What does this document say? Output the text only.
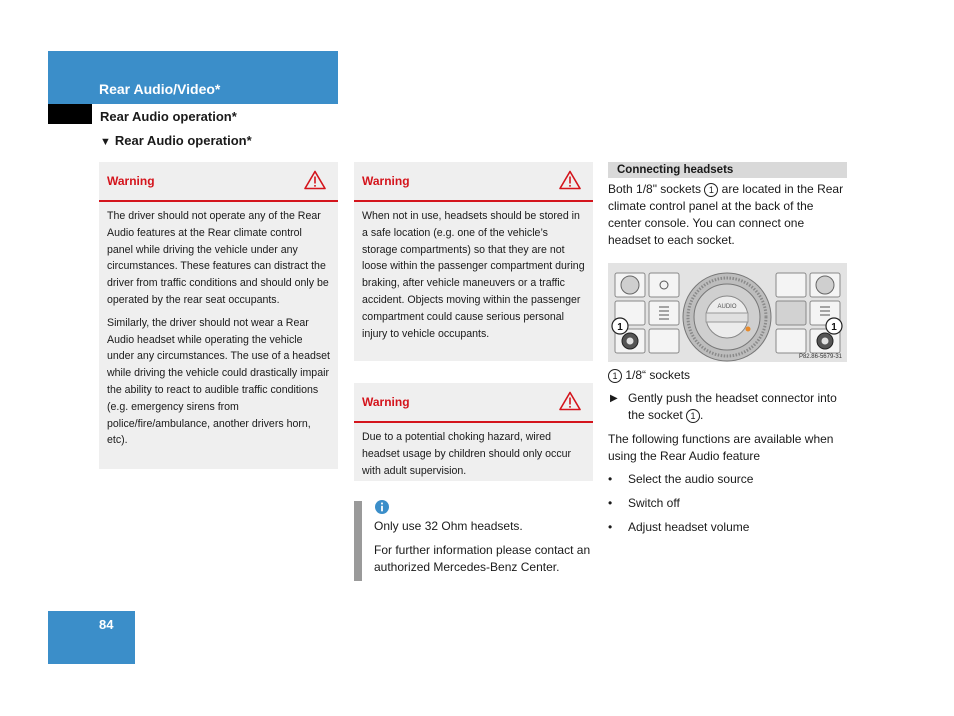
Rear Audio/Video*
Rear Audio operation*
▼ Rear Audio operation*
Warning

The driver should not operate any of the Rear Audio features at the Rear climate control panel while driving the vehicle under any circumstances. These features can distract the driver from traffic conditions and should only be operated by the rear seat occupants.

Similarly, the driver should not wear a Rear Audio headset while operating the vehicle under any circumstances. The use of a headset while driving the vehicle could drastically impair the ability to react to audible traffic conditions (e.g. emergency sirens from police/fire/ambulance, another drivers horn, etc).

Warning

When not in use, headsets should be stored in a safe location (e.g. one of the vehicle’s storage compartments) so that they are not loose within the passenger compartment during braking, after vehicle maneuvers or a traffic accident. Objects moving within the passenger compartment could cause serious personal injury to vehicle occupants.

Warning

Due to a potential choking hazard, wired headset usage by children should only occur with adult supervision.

Only use 32 Ohm headsets.

For further information please contact an authorized Mercedes-Benz Center.

Connecting headsets
Both 1/8" sockets 1 are located in the Rear climate control panel at the back of the center console. You can connect one headset to each socket.
AUDIO
1	1
P82.86-5679-31
1 1/8“ sockets
▶ Gently push the headset connector into the socket 1 .
The following functions are available when using the Rear Audio feature
• Select the audio source
• Switch off
• Adjust headset volume
84
